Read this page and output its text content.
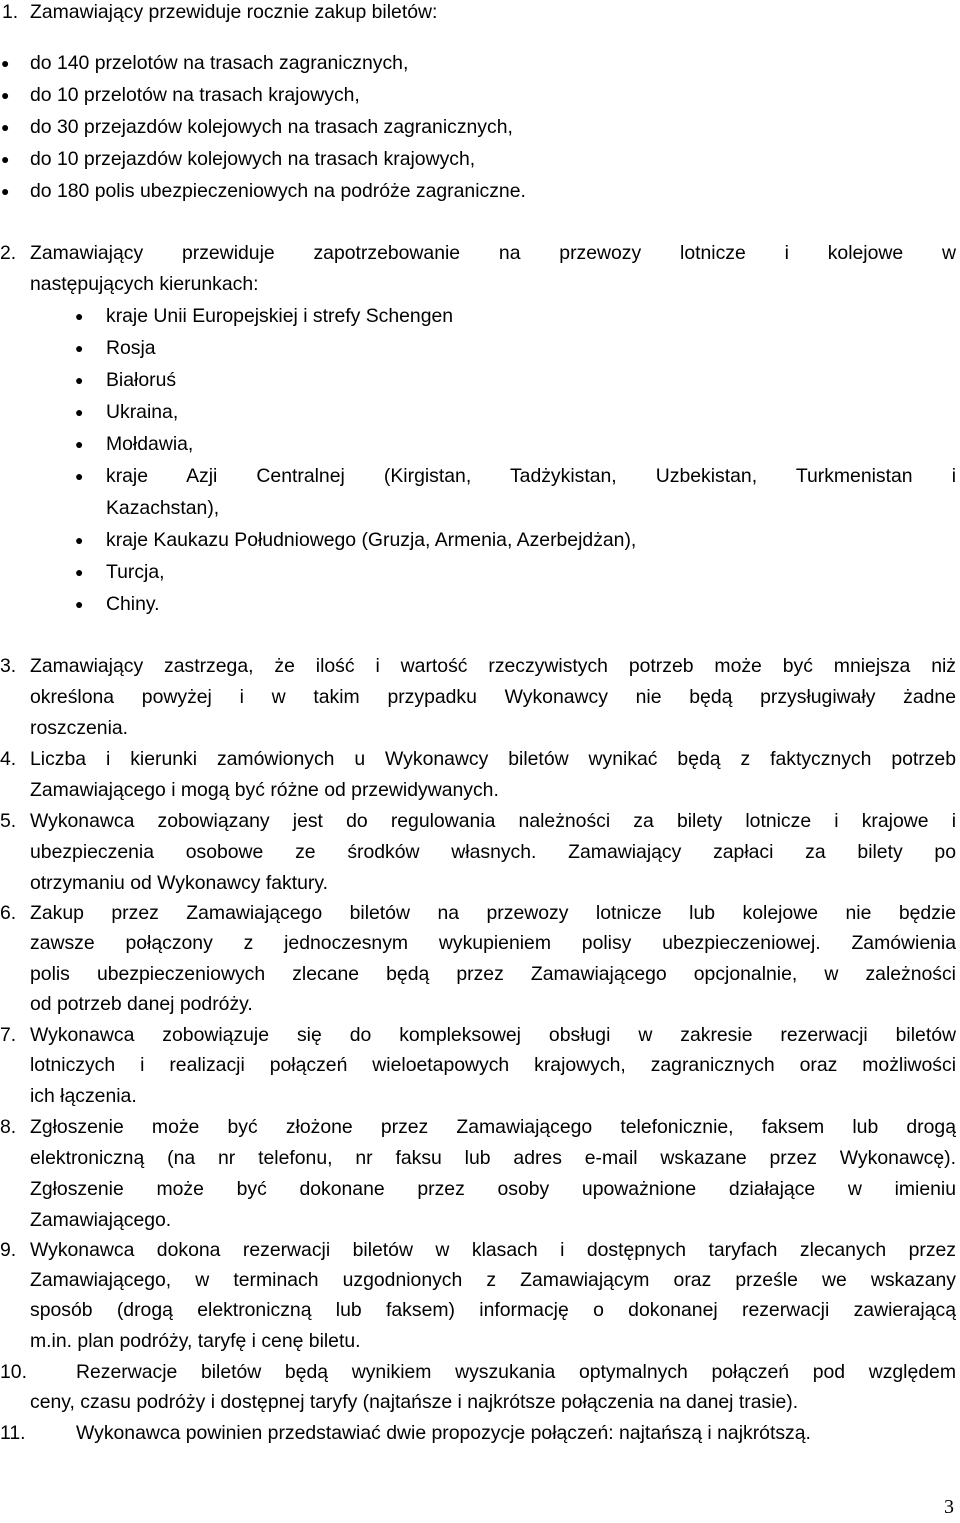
1. Zamawiający przewiduje rocznie zakup biletów:
● do 140 przelotów na trasach zagranicznych,
● do 10 przelotów na trasach krajowych,
● do 30 przejazdów kolejowych na trasach zagranicznych,
● do 10 przejazdów kolejowych na trasach krajowych,
● do 180 polis ubezpieczeniowych na podróże zagraniczne.
2. Zamawiający przewiduje zapotrzebowanie na przewozy lotnicze i kolejowe w
następujących kierunkach:
● kraje Unii Europejskiej i strefy Schengen
● Rosja
● Białoruś
● Ukraina,
● Mołdawia,
● kraje Azji Centralnej (Kirgistan, Tadżykistan, Uzbekistan, Turkmenistan i
Kazachstan),
● kraje Kaukazu Południowego (Gruzja, Armenia, Azerbejdżan),
● Turcja,
● Chiny.
3. Zamawiający zastrzega, że ilość i wartość rzeczywistych potrzeb może być mniejsza niż
określona powyżej i w takim przypadku Wykonawcy nie będą przysługiwały żadne
roszczenia.
4. Liczba i kierunki zamówionych u Wykonawcy biletów wynikać będą z faktycznych potrzeb
Zamawiającego i mogą być różne od przewidywanych.
5. Wykonawca zobowiązany jest do regulowania należności za bilety lotnicze i krajowe i
ubezpieczenia osobowe ze środków własnych. Zamawiający zapłaci za bilety po
otrzymaniu od Wykonawcy faktury.
6. Zakup przez Zamawiającego biletów na przewozy lotnicze lub kolejowe nie będzie
zawsze połączony z jednoczesnym wykupieniem polisy ubezpieczeniowej. Zamówienia
polis ubezpieczeniowych zlecane będą przez Zamawiającego opcjonalnie, w zależności
od potrzeb danej podróży.
7. Wykonawca zobowiązuje się do kompleksowej obsługi w zakresie rezerwacji biletów
lotniczych i realizacji połączeń wieloetapowych krajowych, zagranicznych oraz możliwości
ich łączenia.
8. Zgłoszenie może być złożone przez Zamawiającego telefonicznie, faksem lub drogą
elektroniczną (na nr telefonu, nr faksu lub adres e-mail wskazane przez Wykonawcę).
Zgłoszenie może być dokonane przez osoby upoważnione działające w imieniu
Zamawiającego.
9. Wykonawca dokona rezerwacji biletów w klasach i dostępnych taryfach zlecanych przez
Zamawiającego, w terminach uzgodnionych z Zamawiającym oraz prześle we wskazany
sposób (drogą elektroniczną lub faksem) informację o dokonanej rezerwacji zawierającą
m.in. plan podróży, taryfę i cenę biletu.
10.	Rezerwacje biletów będą wynikiem wyszukania optymalnych połączeń pod względem
ceny, czasu podróży i dostępnej taryfy (najtańsze i najkrótsze połączenia na danej trasie).
11.	Wykonawca powinien przedstawiać dwie propozycje połączeń: najtańszą i najkrótszą.
3
